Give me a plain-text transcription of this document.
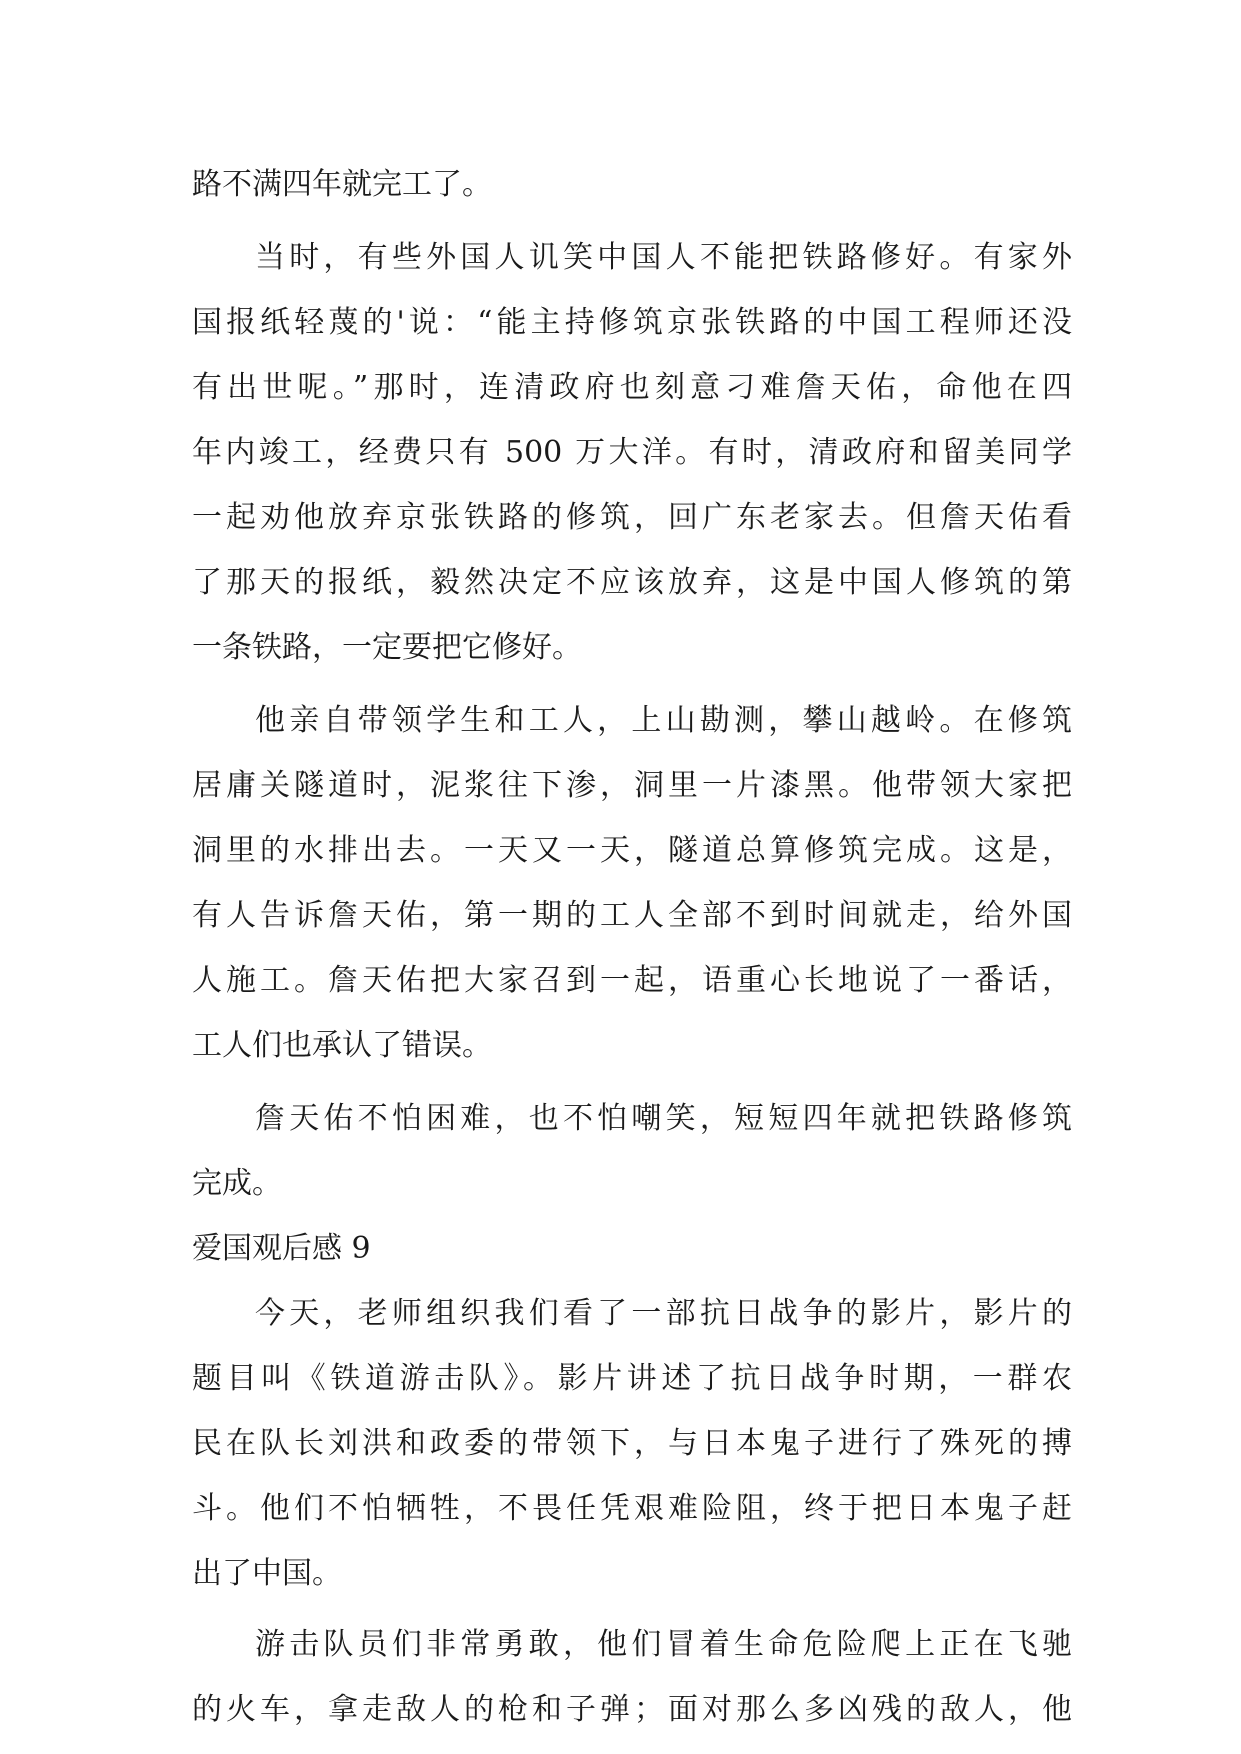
路不满四年就完工了。
当时，有些外国人讥笑中国人不能把铁路修好。有家外
国报纸轻蔑的'说：“能主持修筑京张铁路的中国工程师还没
有出世呢。”那时，连清政府也刻意刁难詹天佑，命他在四
年内竣工，经费只有 500 万大洋。有时，清政府和留美同学
一起劝他放弃京张铁路的修筑，回广东老家去。但詹天佑看
了那天的报纸，毅然决定不应该放弃，这是中国人修筑的第
一条铁路，一定要把它修好。
他亲自带领学生和工人，上山勘测，攀山越岭。在修筑
居庸关隧道时，泥浆往下渗，洞里一片漆黑。他带领大家把
洞里的水排出去。一天又一天，隧道总算修筑完成。这是，
有人告诉詹天佑，第一期的工人全部不到时间就走，给外国
人施工。詹天佑把大家召到一起，语重心长地说了一番话，
工人们也承认了错误。
詹天佑不怕困难，也不怕嘲笑，短短四年就把铁路修筑
完成。
爱国观后感 9
今天，老师组织我们看了一部抗日战争的影片，影片的
题目叫《铁道游击队》。影片讲述了抗日战争时期，一群农
民在队长刘洪和政委的带领下，与日本鬼子进行了殊死的搏
斗。他们不怕牺牲，不畏任凭艰难险阻，终于把日本鬼子赶
出了中国。
游击队员们非常勇敢，他们冒着生命危险爬上正在飞驰
的火车，拿走敌人的枪和子弹；面对那么多凶残的敌人，他
